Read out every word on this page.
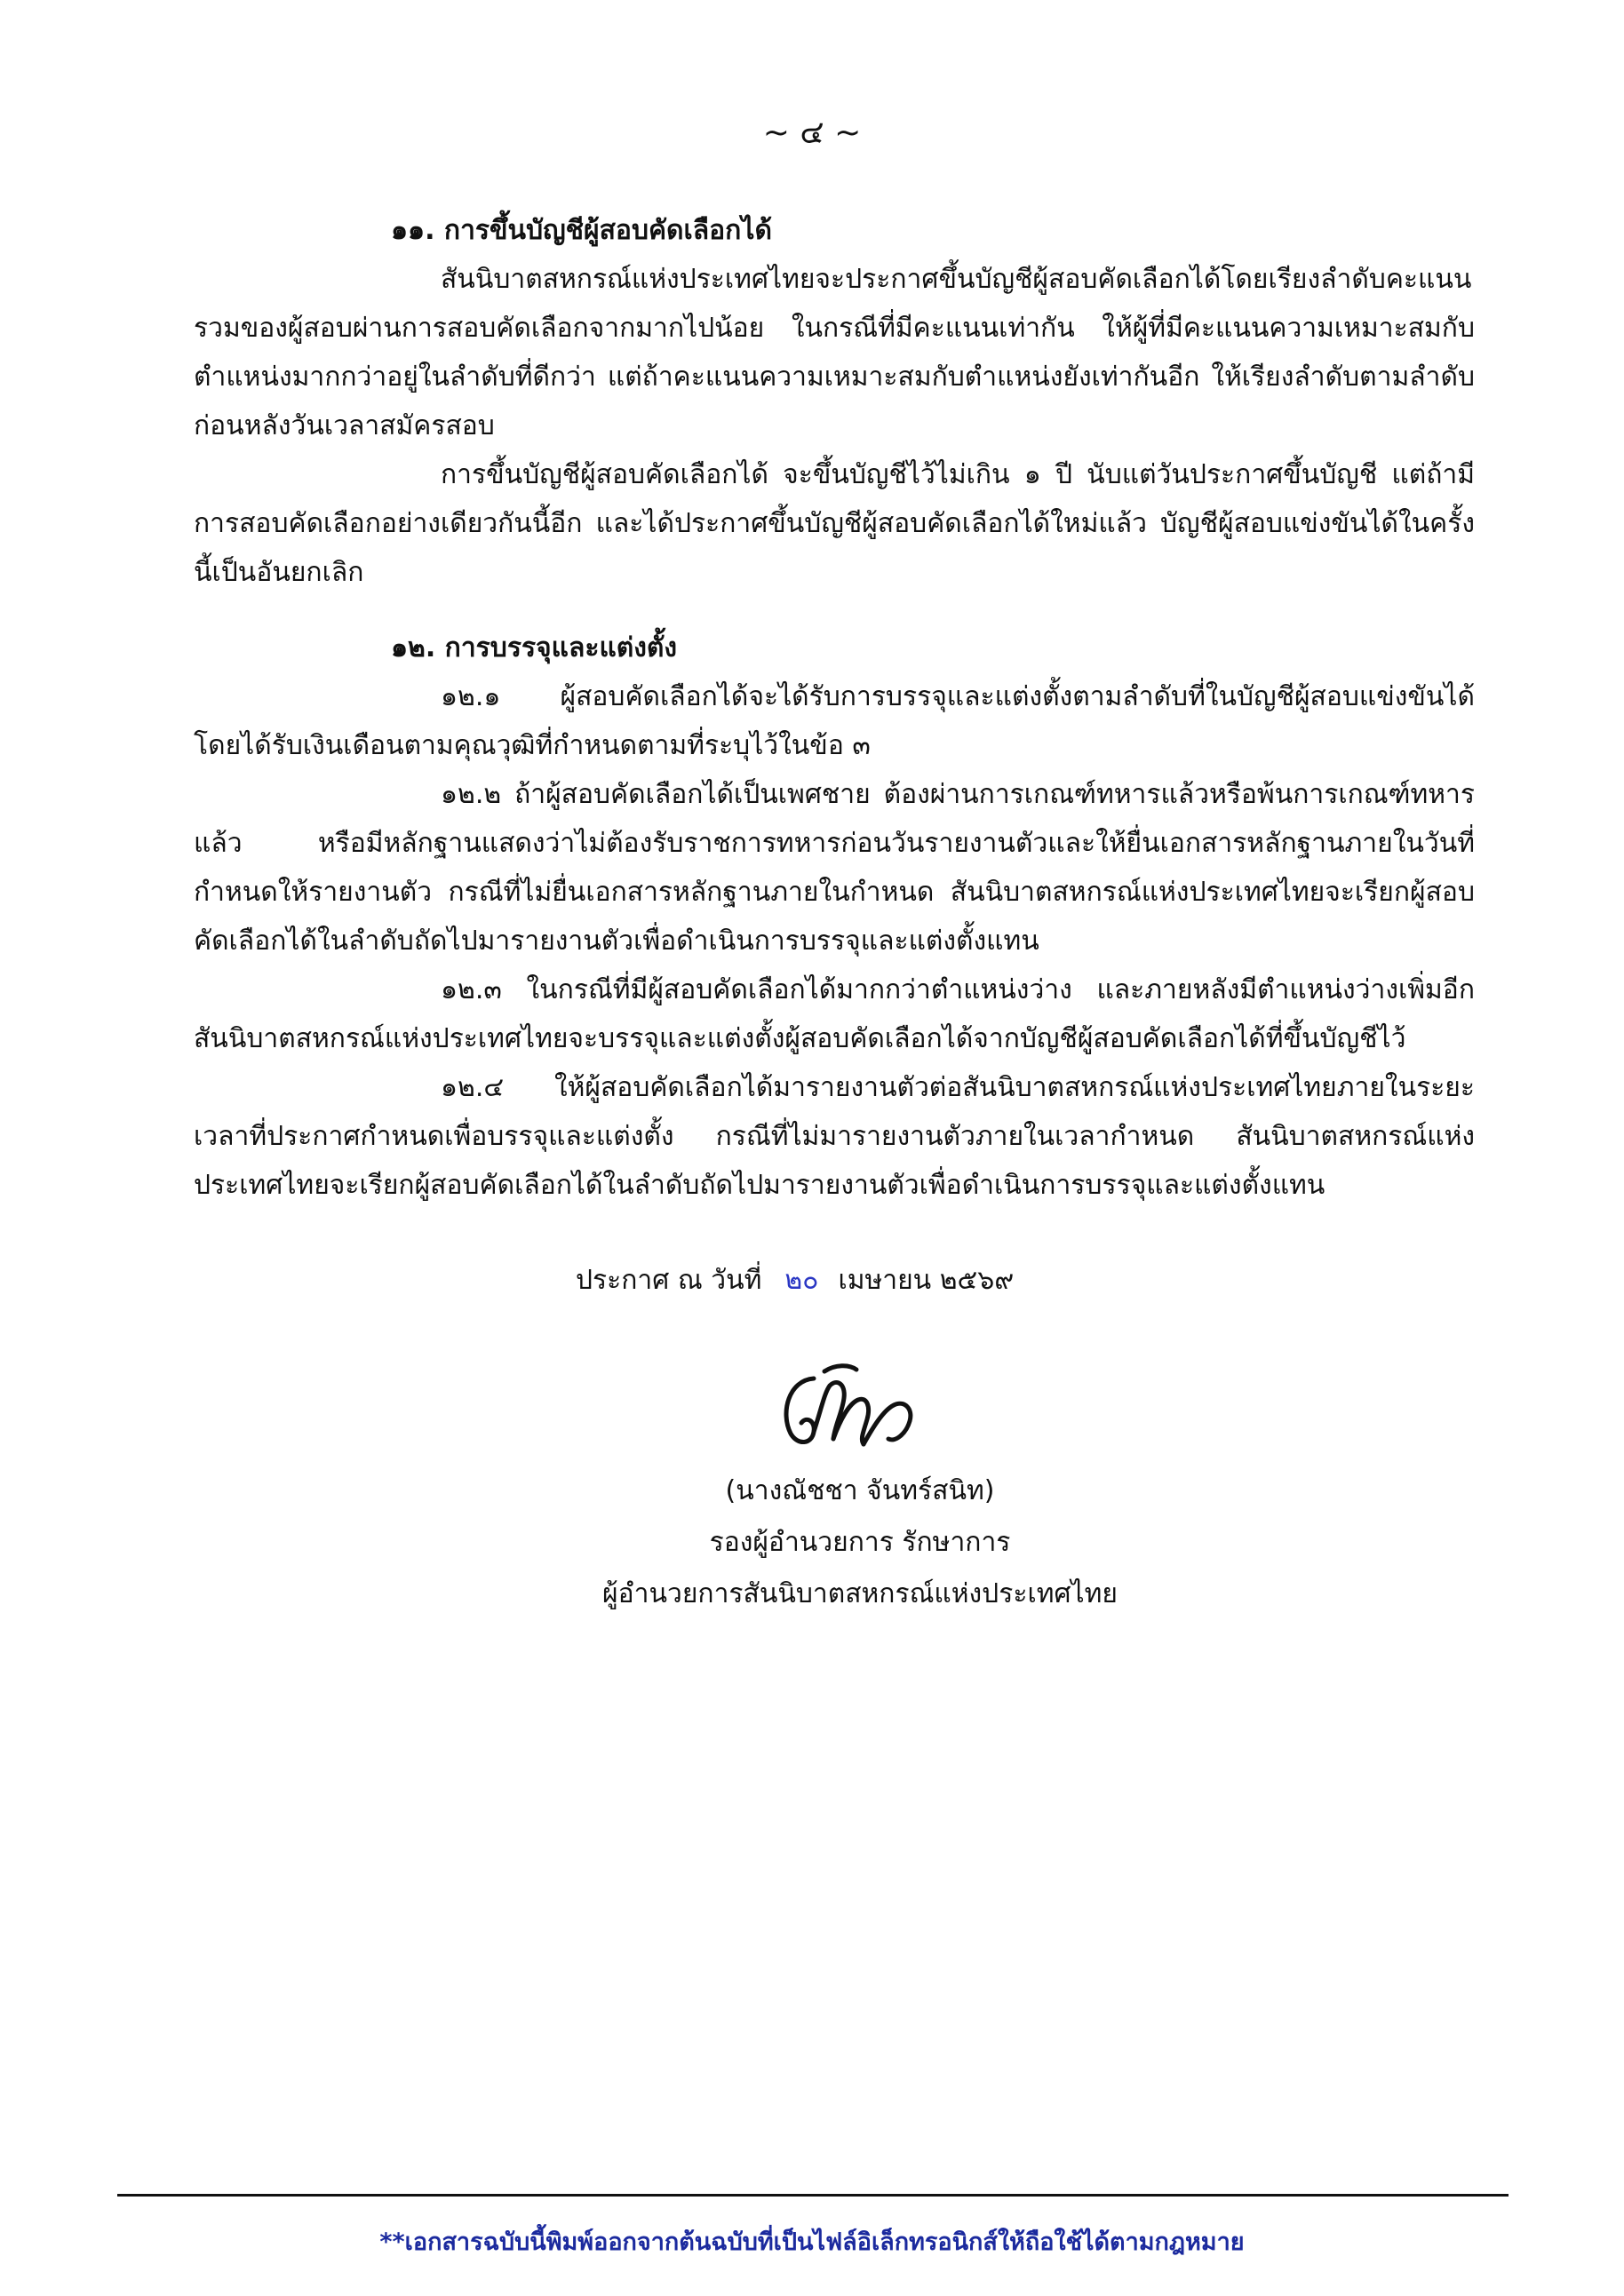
~ ๔ ~

๑๑. การขึ้นบัญชีผู้สอบคัดเลือกได้

สันนิบาตสหกรณ์แห่งประเทศไทยจะประกาศขึ้นบัญชีผู้สอบคัดเลือกได้โดยเรียงลำดับคะแนนรวมของผู้สอบผ่านการสอบคัดเลือกจากมากไปน้อย ในกรณีที่มีคะแนนเท่ากัน ให้ผู้ที่มีคะแนนความเหมาะสมกับตำแหน่งมากกว่าอยู่ในลำดับที่ดีกว่า แต่ถ้าคะแนนความเหมาะสมกับตำแหน่งยังเท่ากันอีก ให้เรียงลำดับตามลำดับก่อนหลังวันเวลาสมัครสอบ

การขึ้นบัญชีผู้สอบคัดเลือกได้ จะขึ้นบัญชีไว้ไม่เกิน ๑ ปี นับแต่วันประกาศขึ้นบัญชี แต่ถ้ามีการสอบคัดเลือกอย่างเดียวกันนี้อีก และได้ประกาศขึ้นบัญชีผู้สอบคัดเลือกได้ใหม่แล้ว บัญชีผู้สอบแข่งขันได้ในครั้งนี้เป็นอันยกเลิก

๑๒. การบรรจุและแต่งตั้ง

๑๒.๑ ผู้สอบคัดเลือกได้จะได้รับการบรรจุและแต่งตั้งตามลำดับที่ในบัญชีผู้สอบแข่งขันได้ โดยได้รับเงินเดือนตามคุณวุฒิที่กำหนดตามที่ระบุไว้ในข้อ ๓

๑๒.๒ ถ้าผู้สอบคัดเลือกได้เป็นเพศชาย ต้องผ่านการเกณฑ์ทหารแล้วหรือพ้นการเกณฑ์ทหารแล้ว หรือมีหลักฐานแสดงว่าไม่ต้องรับราชการทหารก่อนวันรายงานตัวและให้ยื่นเอกสารหลักฐานภายในวันที่กำหนดให้รายงานตัว กรณีที่ไม่ยื่นเอกสารหลักฐานภายในกำหนด สันนิบาตสหกรณ์แห่งประเทศไทยจะเรียกผู้สอบคัดเลือกได้ในลำดับถัดไปมารายงานตัวเพื่อดำเนินการบรรจุและแต่งตั้งแทน

๑๒.๓ ในกรณีที่มีผู้สอบคัดเลือกได้มากกว่าตำแหน่งว่าง และภายหลังมีตำแหน่งว่างเพิ่มอีก สันนิบาตสหกรณ์แห่งประเทศไทยจะบรรจุและแต่งตั้งผู้สอบคัดเลือกได้จากบัญชีผู้สอบคัดเลือกได้ที่ขึ้นบัญชีไว้

๑๒.๔ ให้ผู้สอบคัดเลือกได้มารายงานตัวต่อสันนิบาตสหกรณ์แห่งประเทศไทยภายในระยะเวลาที่ประกาศกำหนดเพื่อบรรจุและแต่งตั้ง กรณีที่ไม่มารายงานตัวภายในเวลากำหนด สันนิบาตสหกรณ์แห่งประเทศไทยจะเรียกผู้สอบคัดเลือกได้ในลำดับถัดไปมารายงานตัวเพื่อดำเนินการบรรจุและแต่งตั้งแทน

ประกาศ ณ วันที่ ๒๐ เมษายน ๒๕๖๙
(นางณัชชา จันทร์สนิท)
รองผู้อำนวยการ รักษาการ
ผู้อำนวยการสันนิบาตสหกรณ์แห่งประเทศไทย
**เอกสารฉบับนี้พิมพ์ออกจากต้นฉบับที่เป็นไฟล์อิเล็กทรอนิกส์ให้ถือใช้ได้ตามกฎหมาย
